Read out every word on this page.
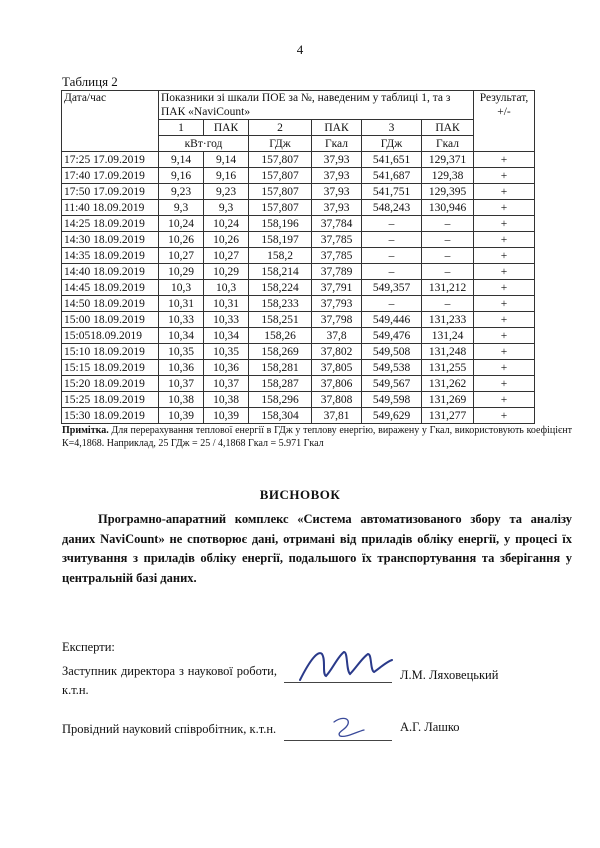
4
Таблиця 2
Дата/час	Показники зі шкали ПОЕ за №, наведеним у таблиці 1, та з ПАК «NaviCount»						Результат, +/-
	1	ПАК	2	ПАК	3	ПАК	
	кВт·год		ГДж	Гкал	ГДж	Гкал	
17:25 17.09.2019	9,14	9,14	157,807	37,93	541,651	129,371	+
17:40 17.09.2019	9,16	9,16	157,807	37,93	541,687	129,38	+
17:50 17.09.2019	9,23	9,23	157,807	37,93	541,751	129,395	+
11:40 18.09.2019	9,3	9,3	157,807	37,93	548,243	130,946	+
14:25 18.09.2019	10,24	10,24	158,196	37,784	–	–	+
14:30 18.09.2019	10,26	10,26	158,197	37,785	–	–	+
14:35 18.09.2019	10,27	10,27	158,2	37,785	–	–	+
14:40 18.09.2019	10,29	10,29	158,214	37,789	–	–	+
14:45 18.09.2019	10,3	10,3	158,224	37,791	549,357	131,212	+
14:50 18.09.2019	10,31	10,31	158,233	37,793	–	–	+
15:00 18.09.2019	10,33	10,33	158,251	37,798	549,446	131,233	+
15:0518.09.2019	10,34	10,34	158,26	37,8	549,476	131,24	+
15:10 18.09.2019	10,35	10,35	158,269	37,802	549,508	131,248	+
15:15 18.09.2019	10,36	10,36	158,281	37,805	549,538	131,255	+
15:20 18.09.2019	10,37	10,37	158,287	37,806	549,567	131,262	+
15:25 18.09.2019	10,38	10,38	158,296	37,808	549,598	131,269	+
15:30 18.09.2019	10,39	10,39	158,304	37,81	549,629	131,277	+
Примітка. Для перерахування теплової енергії в ГДж у теплову енергію, виражену у Гкал, використовують коефіцієнт К=4,1868. Наприклад, 25 ГДж = 25 / 4,1868 Гкал = 5.971 Гкал
ВИСНОВОК
Програмно-апаратний комплекс «Система автоматизованого збору та аналізу даних NaviCount» не спотворює дані, отримані від приладів обліку енергії, у процесі їх зчитування з приладів обліку енергії, подальшого їх транспортування та зберігання у центральній базі даних.
Експерти:
Заступник директора з наукової роботи, к.т.н.
Л.М. Ляховецький
Провідний науковий співробітник, к.т.н.	А.Г. Лашко
